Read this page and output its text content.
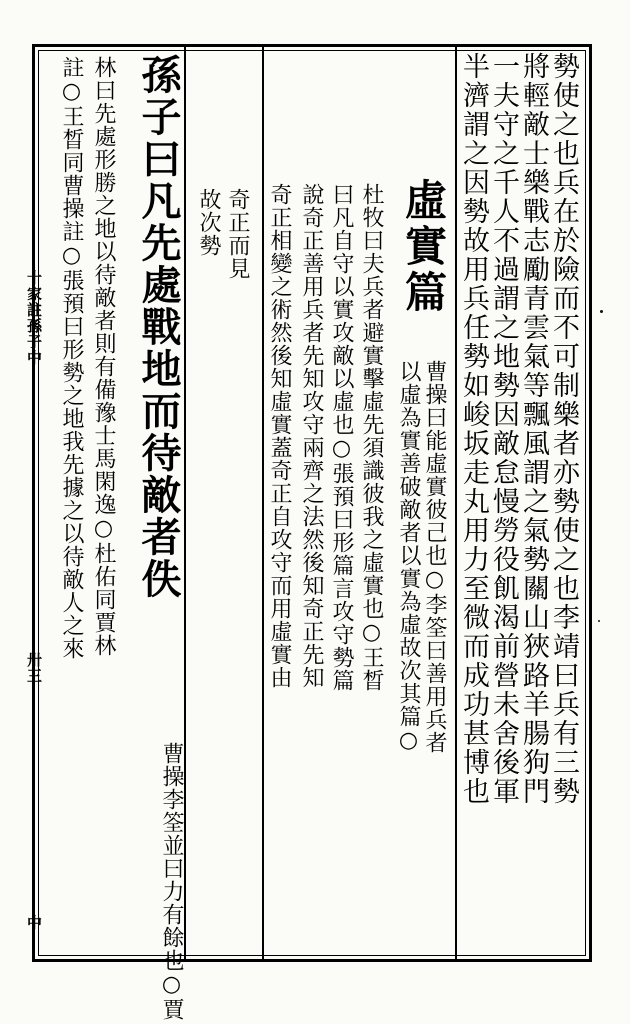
勢使之也兵在於險而不可制樂者亦勢使之也李靖曰兵有三勢
將輕敵士樂戰志勵青雲氣等飄風謂之氣勢關山狹路羊腸狗門
一夫守之千人不過謂之地勢因敵怠慢勞役飢渴前營未舍後軍
半濟謂之因勢故用兵任勢如峻坂走丸用力至微而成功甚博也
虛實篇
曹操曰能虛實彼己也○李筌曰善用兵者
以虛為實善破敵者以實為虛故次其篇○
杜牧曰夫兵者避實擊虛先須識彼我之虛實也○王晳
曰凡自守以實攻敵以虛也○張預曰形篇言攻守勢篇
說奇正善用兵者先知攻守兩齊之法然後知奇正先知
奇正相變之術然後知虛實蓋奇正自攻守而用虛實由
奇正而見
故次勢
孫子曰凡先處戰地而待敵者佚
曹操李筌並曰力有餘也○賈
林曰先處形勝之地以待敵者則有備豫士馬閑逸○杜佑同賈林
註○王晳同曹操註○張預曰形勢之地我先據之以待敵人之來
十家註孫子中
卅三
中
